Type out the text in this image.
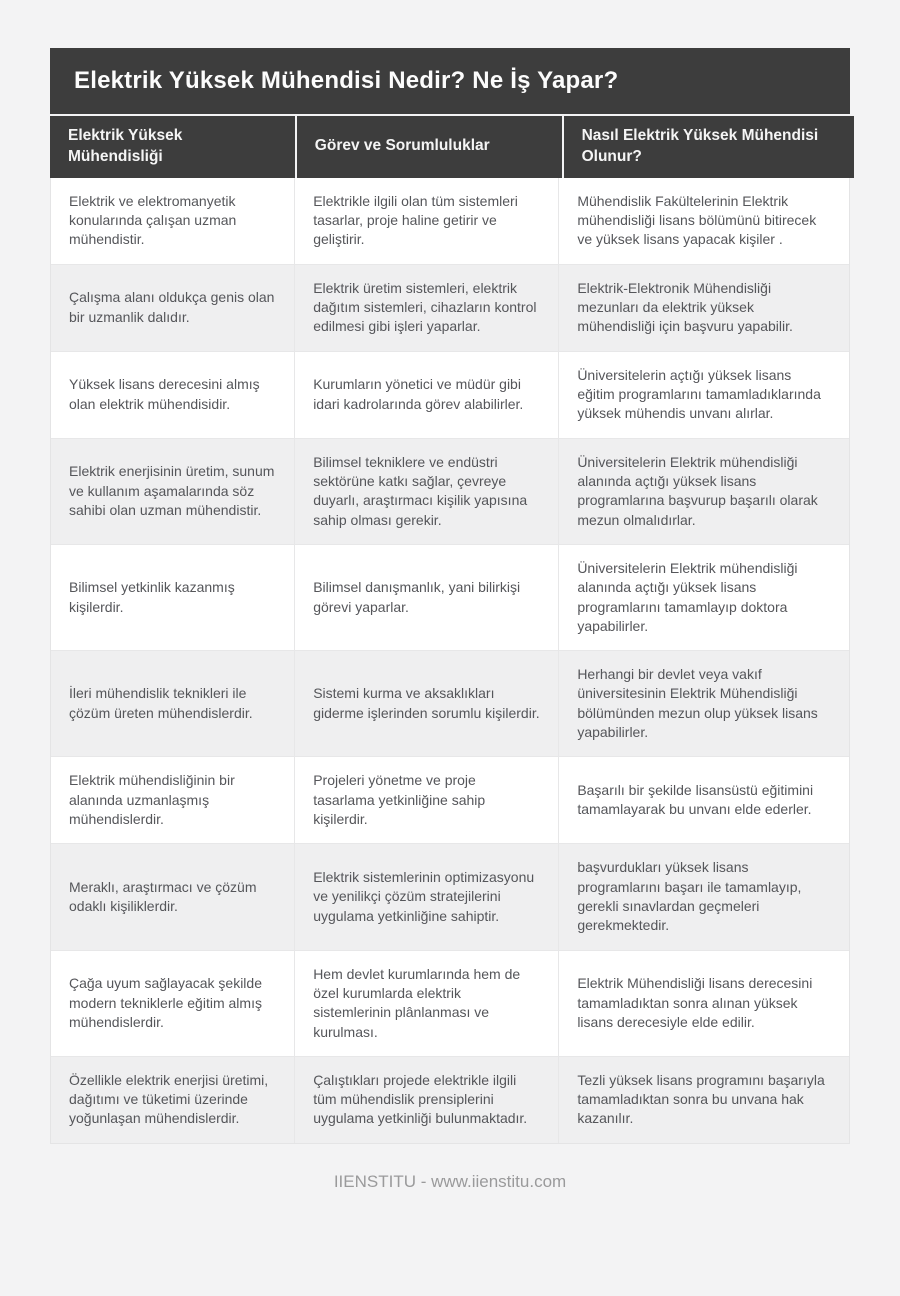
Elektrik Yüksek Mühendisi Nedir? Ne İş Yapar?
Elektrik Yüksek Mühendisliği
Görev ve Sorumluluklar
Nasıl Elektrik Yüksek Mühendisi Olunur?
Elektrik ve elektromanyetik konularında çalışan uzman mühendistir.
Elektrikle ilgili olan tüm sistemleri tasarlar, proje haline getirir ve geliştirir.
Mühendislik Fakültelerinin Elektrik mühendisliği lisans bölümünü bitirecek ve yüksek lisans yapacak kişiler .
Çalışma alanı oldukça genis olan bir uzmanlik dalıdır.
Elektrik üretim sistemleri, elektrik dağıtım sistemleri, cihazların kontrol edilmesi gibi işleri yaparlar.
Elektrik-Elektronik Mühendisliği mezunları da elektrik yüksek mühendisliği için başvuru yapabilir.
Yüksek lisans derecesini almış olan elektrik mühendisidir.
Kurumların yönetici ve müdür gibi idari kadrolarında görev alabilirler.
Üniversitelerin açtığı yüksek lisans eğitim programlarını tamamladıklarında yüksek mühendis unvanı alırlar.
Elektrik enerjisinin üretim, sunum ve kullanım aşamalarında söz sahibi olan uzman mühendistir.
Bilimsel tekniklere ve endüstri sektörüne katkı sağlar, çevreye duyarlı, araştırmacı kişilik yapısına sahip olması gerekir.
Üniversitelerin Elektrik mühendisliği alanında açtığı yüksek lisans programlarına başvurup başarılı olarak mezun olmalıdırlar.
Bilimsel yetkinlik kazanmış kişilerdir.
Bilimsel danışmanlık, yani bilirkişi görevi yaparlar.
Üniversitelerin Elektrik mühendisliği alanında açtığı yüksek lisans programlarını tamamlayıp doktora yapabilirler.
İleri mühendislik teknikleri ile çözüm üreten mühendislerdir.
Sistemi kurma ve aksaklıkları giderme işlerinden sorumlu kişilerdir.
Herhangi bir devlet veya vakıf üniversitesinin Elektrik Mühendisliği bölümünden mezun olup yüksek lisans yapabilirler.
Elektrik mühendisliğinin bir alanında uzmanlaşmış mühendislerdir.
Projeleri yönetme ve proje tasarlama yetkinliğine sahip kişilerdir.
Başarılı bir şekilde lisansüstü eğitimini tamamlayarak bu unvanı elde ederler.
Meraklı, araştırmacı ve çözüm odaklı kişiliklerdir.
Elektrik sistemlerinin optimizasyonu ve yenilikçi çözüm stratejilerini uygulama yetkinliğine sahiptir.
başvurdukları yüksek lisans programlarını başarı ile tamamlayıp, gerekli sınavlardan geçmeleri gerekmektedir.
Çağa uyum sağlayacak şekilde modern tekniklerle eğitim almış mühendislerdir.
Hem devlet kurumlarında hem de özel kurumlarda elektrik sistemlerinin plânlanması ve kurulması.
Elektrik Mühendisliği lisans derecesini tamamladıktan sonra alınan yüksek lisans derecesiyle elde edilir.
Özellikle elektrik enerjisi üretimi, dağıtımı ve tüketimi üzerinde yoğunlaşan mühendislerdir.
Çalıştıkları projede elektrikle ilgili tüm mühendislik prensiplerini uygulama yetkinliği bulunmaktadır.
Tezli yüksek lisans programını başarıyla tamamladıktan sonra bu unvana hak kazanılır.
IIENSTITU - www.iienstitu.com
